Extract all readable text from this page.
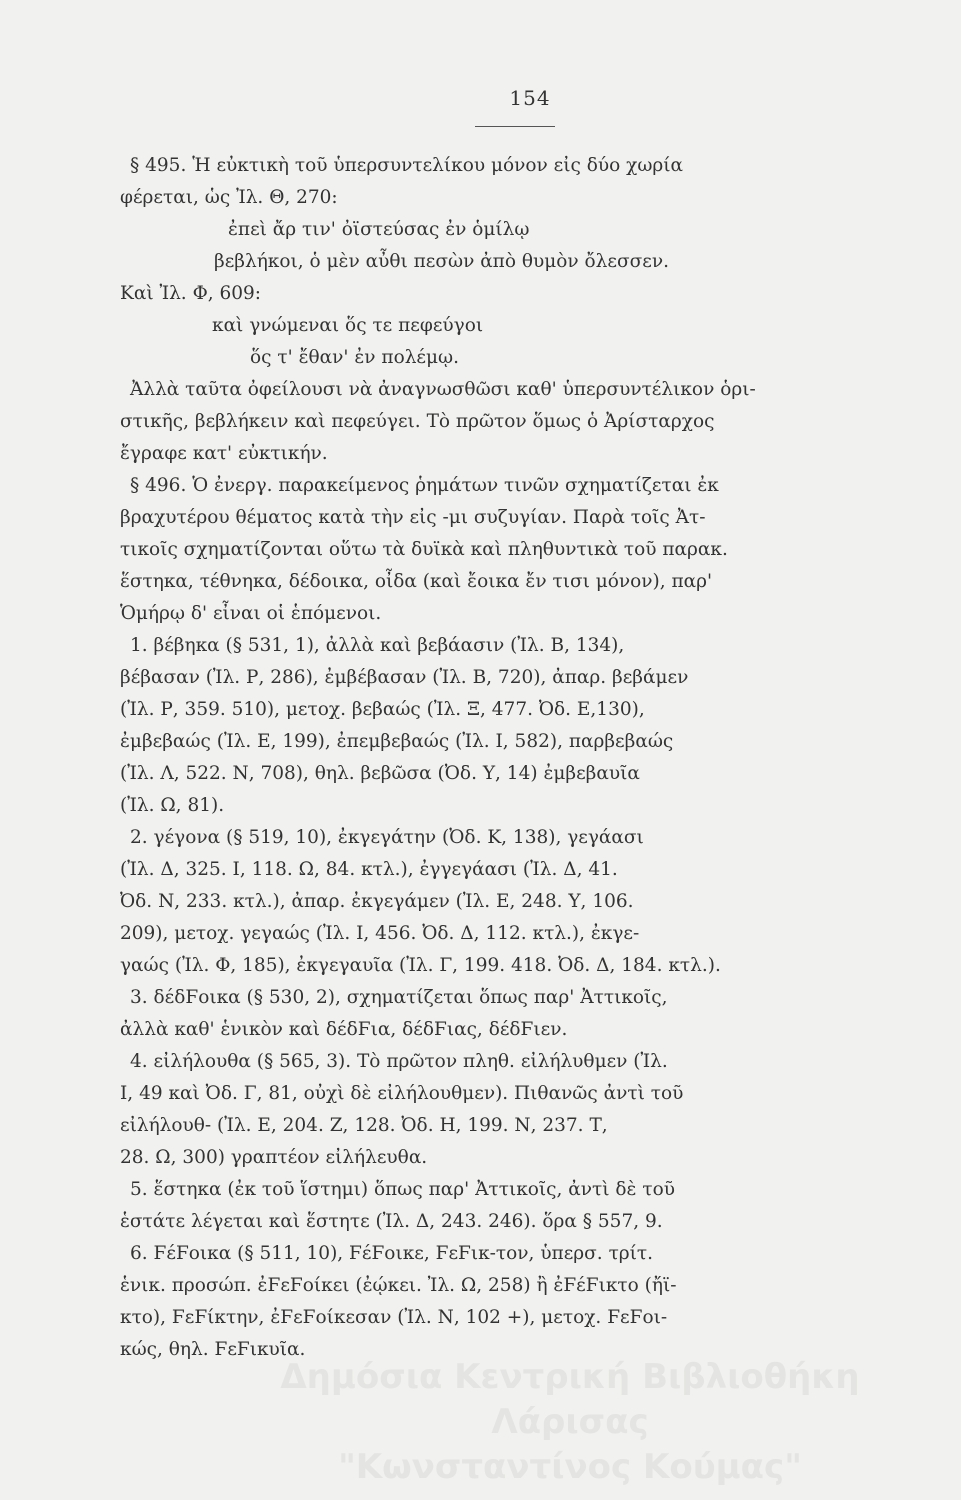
154
§ 495. Ἡ εὐκτικὴ τοῦ ὑπερσυντελίκου μόνον εἰς δύο χωρία
φέρεται, ὡς Ἰλ. Θ, 270:
ἐπεὶ ἄρ τιν' ὀϊστεύσας ἐν ὁμίλῳ
βεβλήκοι, ὁ μὲν αὖθι πεσὼν ἀπὸ θυμὸν ὄλεσσεν.
Καὶ Ἰλ. Φ, 609:
καὶ γνώμεναι ὅς τε πεφεύγοι
ὅς τ' ἔθαν' ἐν πολέμῳ.
Ἀλλὰ ταῦτα ὀφείλουσι νὰ ἀναγνωσθῶσι καθ' ὑπερσυντέλικον ὁρι-
στικῆς, βεβλήκειν καὶ πεφεύγει. Τὸ πρῶτον ὅμως ὁ Ἀρίσταρχος
ἔγραφε κατ' εὐκτικήν.
§ 496. Ὁ ἐνεργ. παρακείμενος ῥημάτων τινῶν σχηματίζεται ἐκ
βραχυτέρου θέματος κατὰ τὴν εἰς -μι συζυγίαν. Παρὰ τοῖς Ἀτ-
τικοῖς σχηματίζονται οὕτω τὰ δυϊκὰ καὶ πληθυντικὰ τοῦ παρακ.
ἕστηκα, τέθνηκα, δέδοικα, οἶδα (καὶ ἔοικα ἔν τισι μόνον), παρ'
Ὁμήρῳ δ' εἶναι οἱ ἑπόμενοι.
1. βέβηκα (§ 531, 1), ἀλλὰ καὶ βεβάασιν (Ἰλ. Β, 134),
βέβασαν (Ἰλ. Ρ, 286), ἐμβέβασαν (Ἰλ. Β, 720), ἀπαρ. βεβάμεν
(Ἰλ. Ρ, 359. 510), μετοχ. βεβαώς (Ἰλ. Ξ, 477. Ὀδ. Ε,130),
ἐμβεβαώς (Ἰλ. Ε, 199), ἐπεμβεβαώς (Ἰλ. Ι, 582), παρβεβαώς
(Ἰλ. Λ, 522. Ν, 708), θηλ. βεβῶσα (Ὀδ. Υ, 14) ἐμβεβαυῖα
(Ἰλ. Ω, 81).
2. γέγονα (§ 519, 10), ἐκγεγάτην (Ὀδ. Κ, 138), γεγάασι
(Ἰλ. Δ, 325. Ι, 118. Ω, 84. κτλ.), ἐγγεγάασι (Ἰλ. Δ, 41.
Ὀδ. Ν, 233. κτλ.), ἀπαρ. ἐκγεγάμεν (Ἰλ. Ε, 248. Υ, 106.
209), μετοχ. γεγαώς (Ἰλ. Ι, 456. Ὀδ. Δ, 112. κτλ.), ἐκγε-
γαώς (Ἰλ. Φ, 185), ἐκγεγαυῖα (Ἰλ. Γ, 199. 418. Ὀδ. Δ, 184. κτλ.).
3. δέδϜοικα (§ 530, 2), σχηματίζεται ὅπως παρ' Ἀττικοῖς,
ἀλλὰ καθ' ἑνικὸν καὶ δέδϜια, δέδϜιας, δέδϜιεν.
4. εἰλήλουθα (§ 565, 3). Τὸ πρῶτον πληθ. εἰλήλυθμεν (Ἰλ.
Ι, 49 καὶ Ὀδ. Γ, 81, οὐχὶ δὲ εἰλήλουθμεν). Πιθανῶς ἀντὶ τοῦ
εἰλήλουθ- (Ἰλ. Ε, 204. Ζ, 128. Ὀδ. Η, 199. Ν, 237. Τ,
28. Ω, 300) γραπτέον εἰλήλευθα.
5. ἕστηκα (ἐκ τοῦ ἵστημι) ὅπως παρ' Ἀττικοῖς, ἀντὶ δὲ τοῦ
ἑστάτε λέγεται καὶ ἕστητε (Ἰλ. Δ, 243. 246). ὅρα § 557, 9.
6. ϜέϜοικα (§ 511, 10), ϜέϜοικε, ϜεϜικ-τον, ὑπερσ. τρίτ.
ἑνικ. προσώπ. ἐϜεϜοίκει (ἐῴκει. Ἰλ. Ω, 258) ἢ ἐϜέϜικτο (ἤϊ-
κτο), ϜεϜίκτην, ἐϜεϜοίκεσαν (Ἰλ. Ν, 102 +), μετοχ. ϜεϜοι-
κώς, θηλ. ϜεϜικυῖα.
Δημόσια Κεντρική Βιβλιοθήκη Λάρισας
"Κωνσταντίνος Κούμας"
